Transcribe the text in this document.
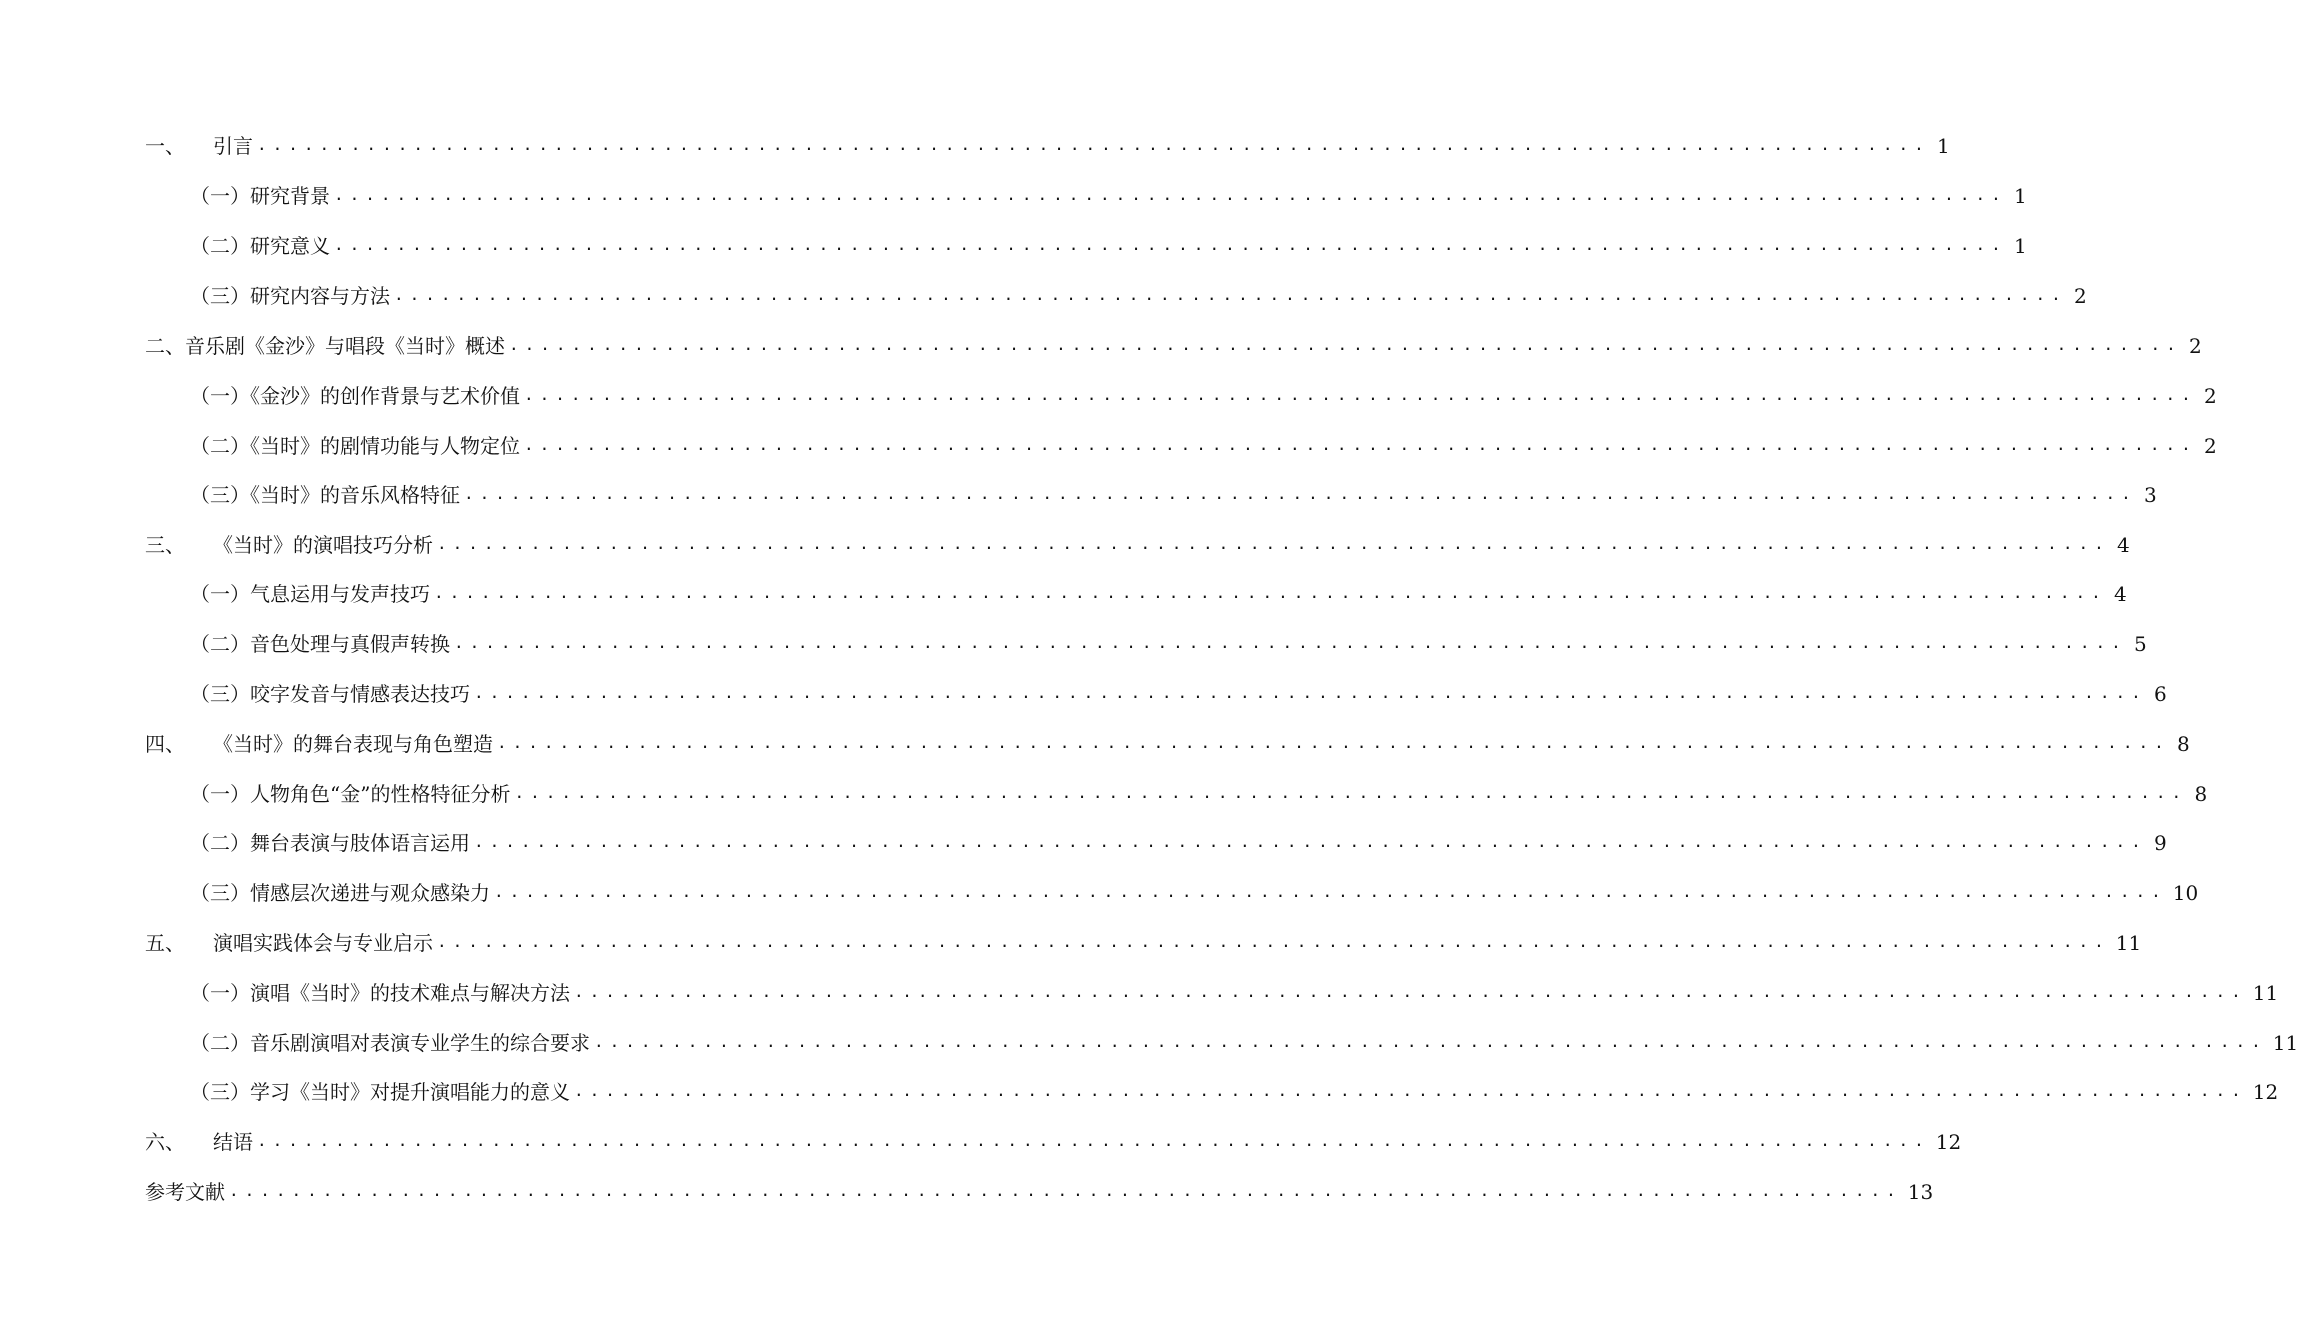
一、 引言 ........................................................................................................... 1
（一）研究背景 ........................................................................................................... 1
（二）研究意义 ........................................................................................................... 1
（三）研究内容与方法 ........................................................................................................... 2
二、音乐剧《金沙》与唱段《当时》概述 ........................................................................................................... 2
（一）《金沙》的创作背景与艺术价值 ........................................................................................................... 2
（二）《当时》的剧情功能与人物定位 ........................................................................................................... 2
（三）《当时》的音乐风格特征 ........................................................................................................... 3
三、 《当时》的演唱技巧分析 ........................................................................................................... 4
（一）气息运用与发声技巧 ........................................................................................................... 4
（二）音色处理与真假声转换 ........................................................................................................... 5
（三）咬字发音与情感表达技巧 ........................................................................................................... 6
四、 《当时》的舞台表现与角色塑造 ........................................................................................................... 8
（一）人物角色“金”的性格特征分析 ........................................................................................................... 8
（二）舞台表演与肢体语言运用 ........................................................................................................... 9
（三）情感层次递进与观众感染力 ........................................................................................................... 10
五、 演唱实践体会与专业启示 ........................................................................................................... 11
（一）演唱《当时》的技术难点与解决方法 ........................................................................................................... 11
（二）音乐剧演唱对表演专业学生的综合要求 ........................................................................................................... 11
（三）学习《当时》对提升演唱能力的意义 ........................................................................................................... 12
六、 结语 ........................................................................................................... 12
参考文献 ........................................................................................................... 13
